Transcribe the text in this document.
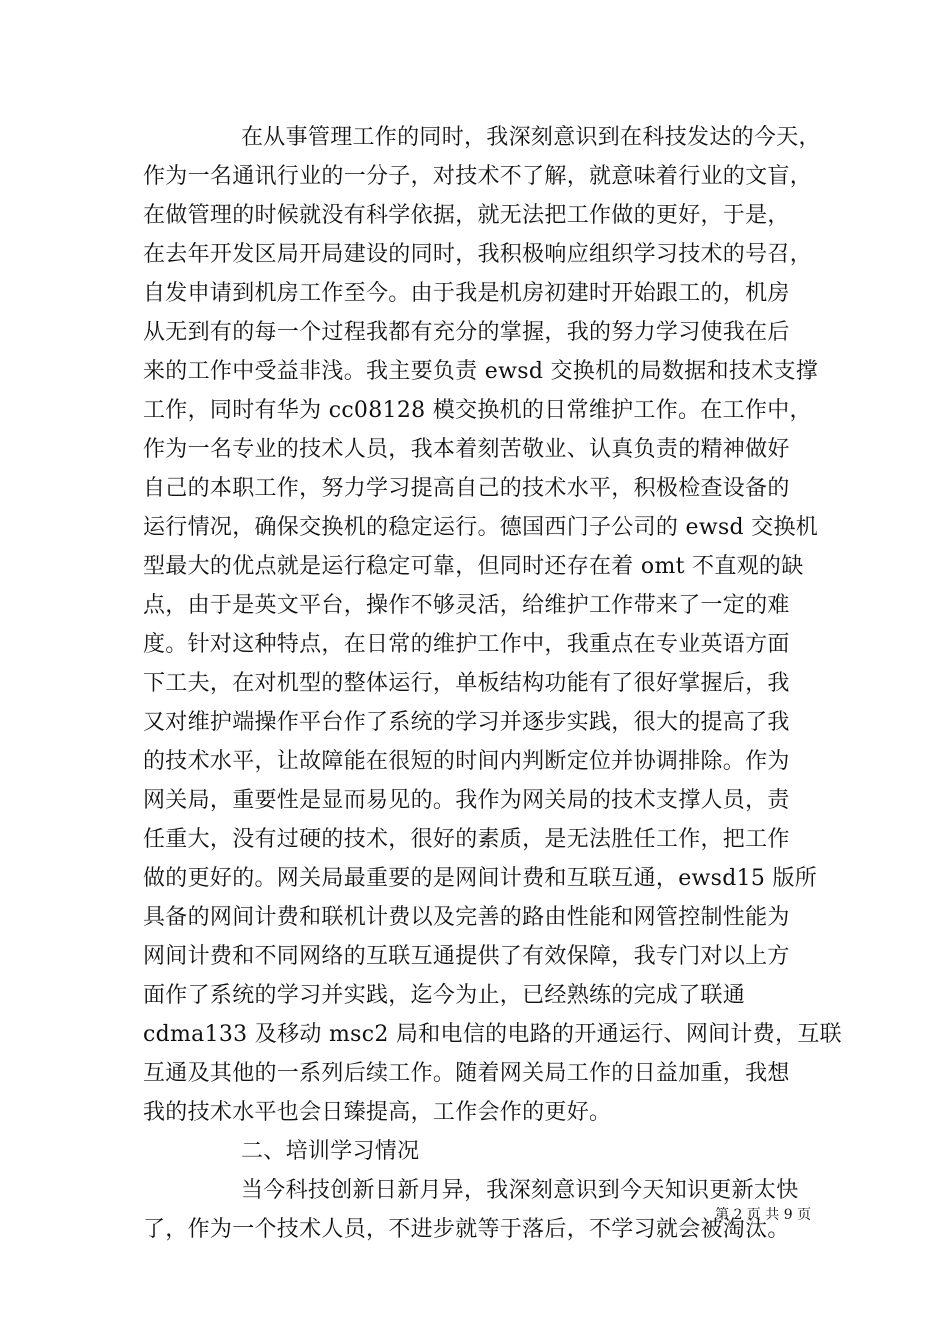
在从事管理工作的同时，我深刻意识到在科技发达的今天，
作为一名通讯行业的一分子，对技术不了解，就意味着行业的文盲，
在做管理的时候就没有科学依据，就无法把工作做的更好，于是，
在去年开发区局开局建设的同时，我积极响应组织学习技术的号召，
自发申请到机房工作至今。由于我是机房初建时开始跟工的，机房
从无到有的每一个过程我都有充分的掌握，我的努力学习使我在后
来的工作中受益非浅。我主要负责 ewsd 交换机的局数据和技术支撑
工作，同时有华为 cc08128 模交换机的日常维护工作。在工作中，
作为一名专业的技术人员，我本着刻苦敬业、认真负责的精神做好
自己的本职工作，努力学习提高自己的技术水平，积极检查设备的
运行情况，确保交换机的稳定运行。德国西门子公司的 ewsd 交换机
型最大的优点就是运行稳定可靠，但同时还存在着 omt 不直观的缺
点，由于是英文平台，操作不够灵活，给维护工作带来了一定的难
度。针对这种特点，在日常的维护工作中，我重点在专业英语方面
下工夫，在对机型的整体运行，单板结构功能有了很好掌握后，我
又对维护端操作平台作了系统的学习并逐步实践，很大的提高了我
的技术水平，让故障能在很短的时间内判断定位并协调排除。作为
网关局，重要性是显而易见的。我作为网关局的技术支撑人员，责
任重大，没有过硬的技术，很好的素质，是无法胜任工作，把工作
做的更好的。网关局最重要的是网间计费和互联互通，ewsd15 版所
具备的网间计费和联机计费以及完善的路由性能和网管控制性能为
网间计费和不同网络的互联互通提供了有效保障，我专门对以上方
面作了系统的学习并实践，迄今为止，已经熟练的完成了联通
cdma133 及移动 msc2 局和电信的电路的开通运行、网间计费，互联
互通及其他的一系列后续工作。随着网关局工作的日益加重，我想
我的技术水平也会日臻提高，工作会作的更好。
二、培训学习情况
当今科技创新日新月异，我深刻意识到今天知识更新太快
了，作为一个技术人员，不进步就等于落后，不学习就会被淘汰。
第 2 页 共 9 页
